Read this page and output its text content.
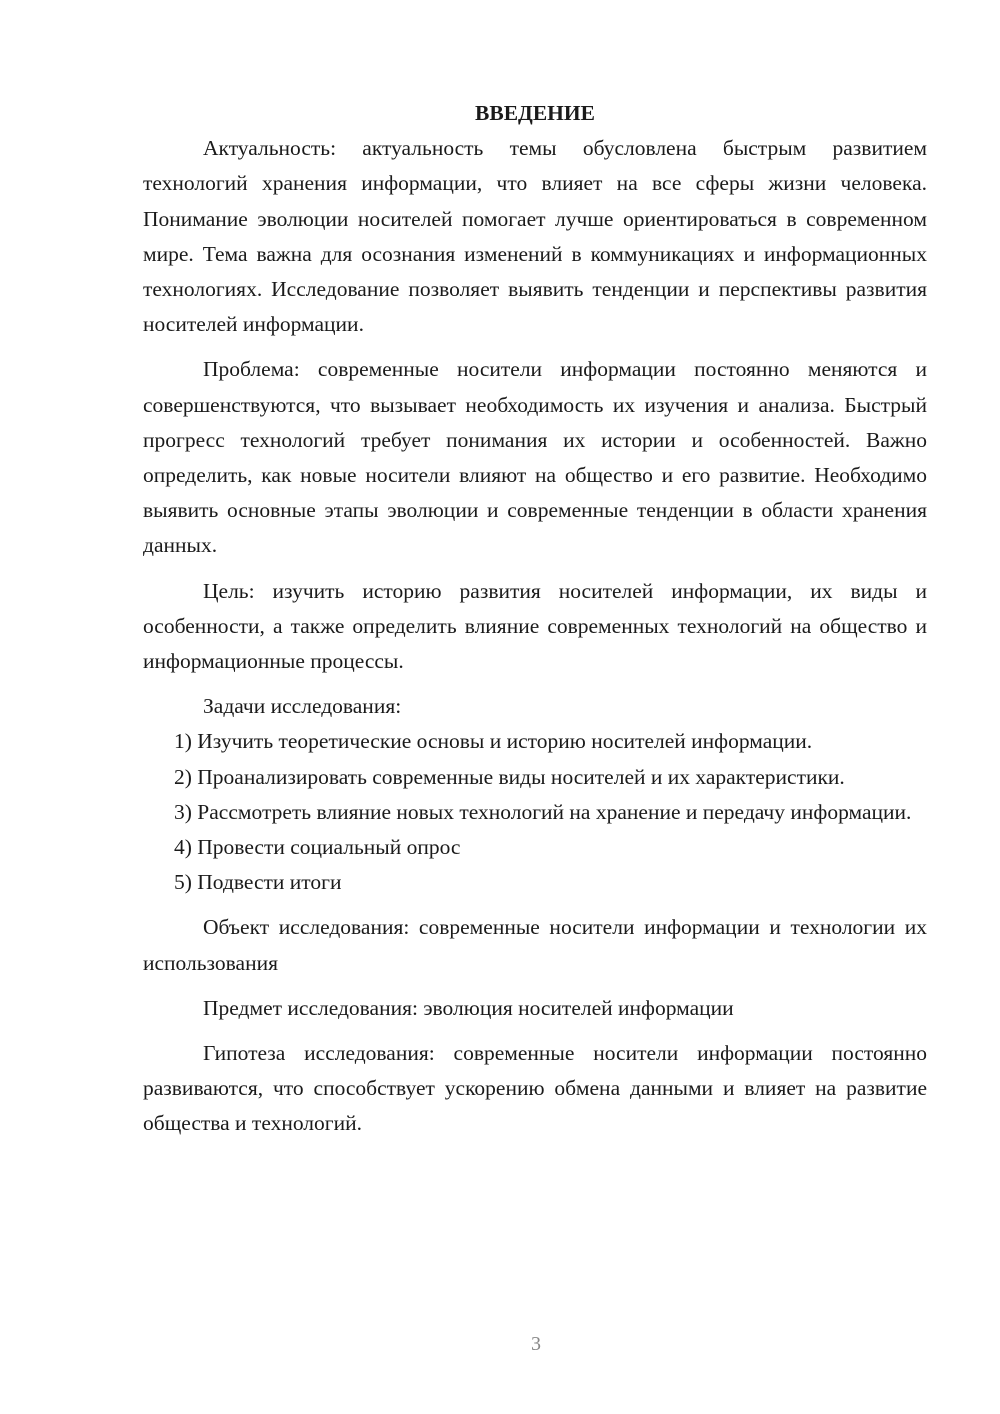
ВВЕДЕНИЕ

Актуальность: актуальность темы обусловлена быстрым развитием технологий хранения информации, что влияет на все сферы жизни человека. Понимание эволюции носителей помогает лучше ориентироваться в современном мире. Тема важна для осознания изменений в коммуникациях и информационных технологиях. Исследование позволяет выявить тенденции и перспективы развития носителей информации.

Проблема: современные носители информации постоянно меняются и совершенствуются, что вызывает необходимость их изучения и анализа. Быстрый прогресс технологий требует понимания их истории и особенностей. Важно определить, как новые носители влияют на общество и его развитие. Необходимо выявить основные этапы эволюции и современные тенденции в области хранения данных.

Цель: изучить историю развития носителей информации, их виды и особенности, а также определить влияние современных технологий на общество и информационные процессы.

Задачи исследования:

1) Изучить теоретические основы и историю носителей информации.

2) Проанализировать современные виды носителей и их характеристики.

3) Рассмотреть влияние новых технологий на хранение и передачу информации.

4) Провести социальный опрос

5) Подвести итоги

Объект исследования: современные носители информации и технологии их использования

Предмет исследования: эволюция носителей информации

Гипотеза исследования: современные носители информации постоянно развиваются, что способствует ускорению обмена данными и влияет на развитие общества и технологий.

3
